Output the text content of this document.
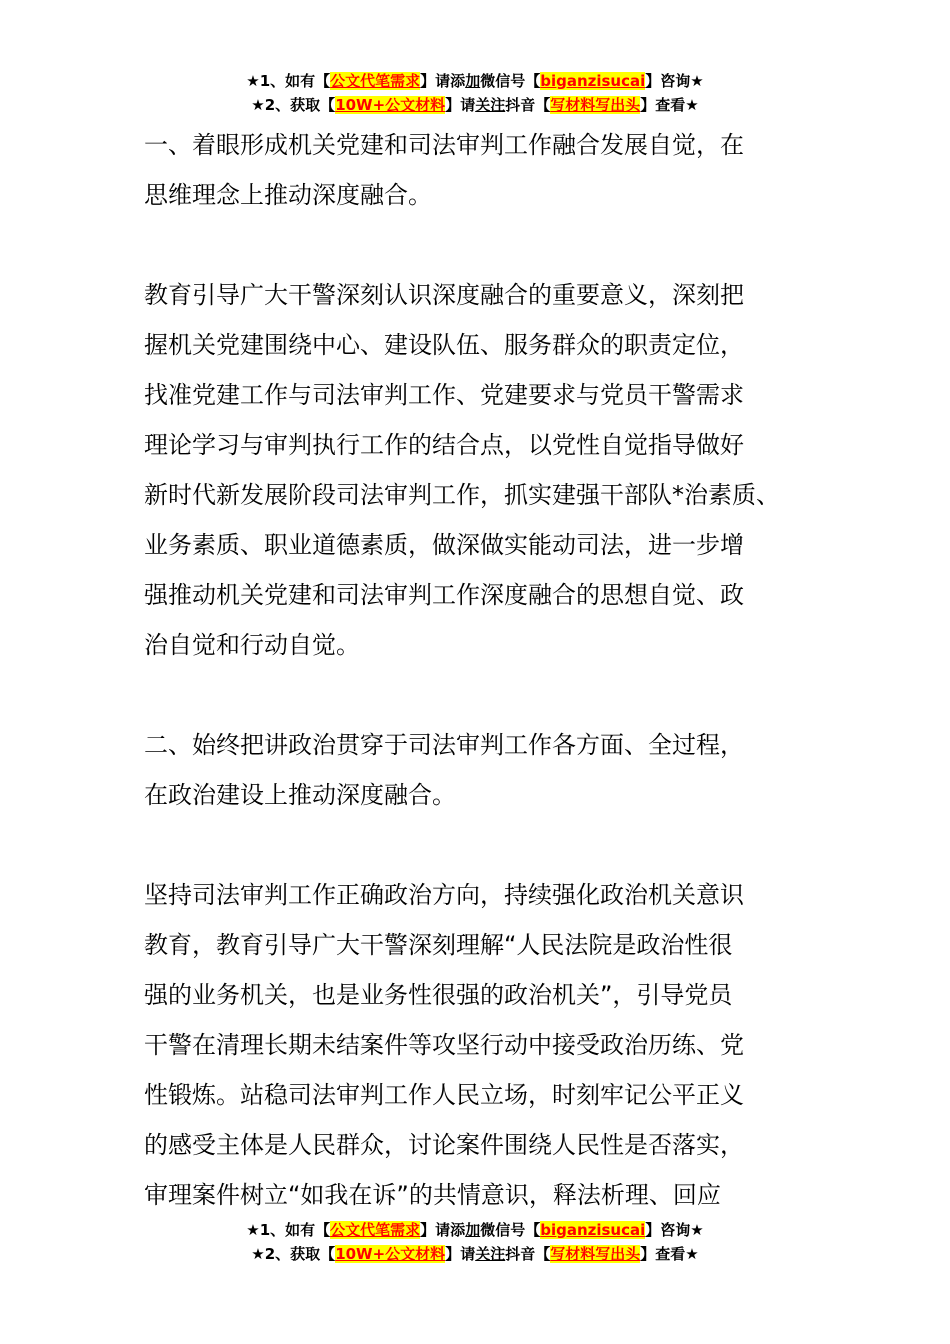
★1、如有【公文代笔需求】请添加微信号【biganzisucai】咨询★
★2、获取【10W+公文材料】请关注抖音【写材料写出头】查看★
一、着眼形成机关党建和司法审判工作融合发展自觉，在
思维理念上推动深度融合。
教育引导广大干警深刻认识深度融合的重要意义，深刻把
握机关党建围绕中心、建设队伍、服务群众的职责定位，
找准党建工作与司法审判工作、党建要求与党员干警需求
理论学习与审判执行工作的结合点，以党性自觉指导做好
新时代新发展阶段司法审判工作，抓实建强干部队*治素质、
业务素质、职业道德素质，做深做实能动司法，进一步增
强推动机关党建和司法审判工作深度融合的思想自觉、政
治自觉和行动自觉。
二、始终把讲政治贯穿于司法审判工作各方面、全过程，
在政治建设上推动深度融合。
坚持司法审判工作正确政治方向，持续强化政治机关意识
教育，教育引导广大干警深刻理解“人民法院是政治性很
强的业务机关，也是业务性很强的政治机关”，引导党员
干警在清理长期未结案件等攻坚行动中接受政治历练、党
性锻炼。站稳司法审判工作人民立场，时刻牢记公平正义
的感受主体是人民群众，讨论案件围绕人民性是否落实，
审理案件树立“如我在诉”的共情意识，释法析理、回应
★1、如有【公文代笔需求】请添加微信号【biganzisucai】咨询★
★2、获取【10W+公文材料】请关注抖音【写材料写出头】查看★
